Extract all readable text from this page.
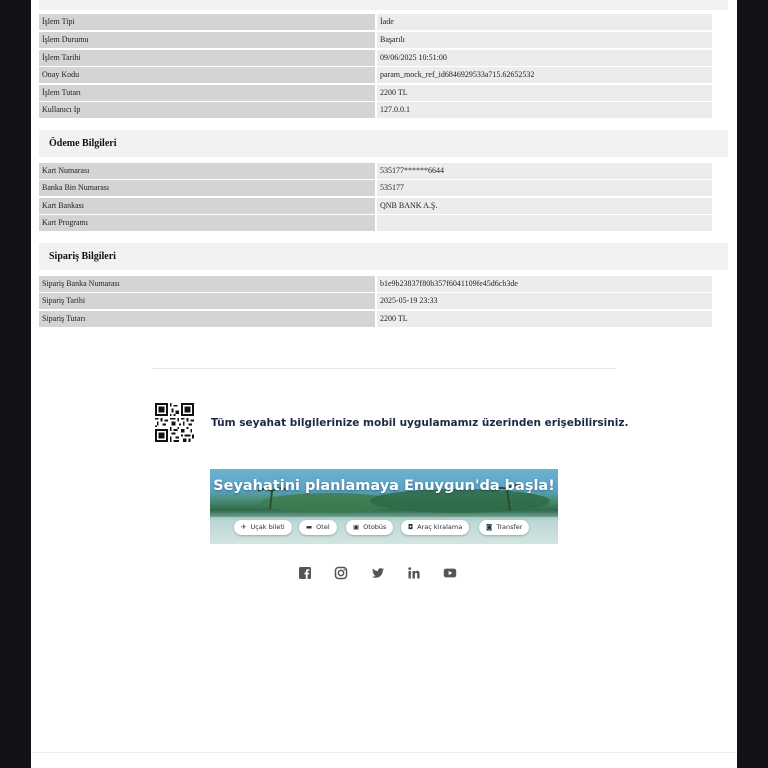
İşlem Tipi	İade
İşlem Durumu	Başarılı
İşlem Tarihi	09/06/2025 10:51:00
Onay Kodu	param_mock_ref_id6846929533a715.62652532
İşlem Tutarı	2200 TL
Kullanıcı Ip	127.0.0.1
Ödeme Bilgileri
Kart Numarası	535177******6644
Banka Bin Numarası	535177
Kart Bankası	QNB BANK A.Ş.
Kart Programı
Sipariş Bilgileri
Sipariş Banka Numarası	b1e9b23837f80b357f6041109fe45d6cb3de
Sipariş Tarihi	2025-05-19 23:33
Sipariş Tutarı	2200 TL
Tüm seyahat bilgilerinize mobil uygulamamız üzerinden erişebilirsiniz.
Seyahatini planlamaya Enuygun'da başla!
✈ Uçak bileti	▬ Otel	▣ Otobüs	◘ Araç kiralama	◙ Transfer
